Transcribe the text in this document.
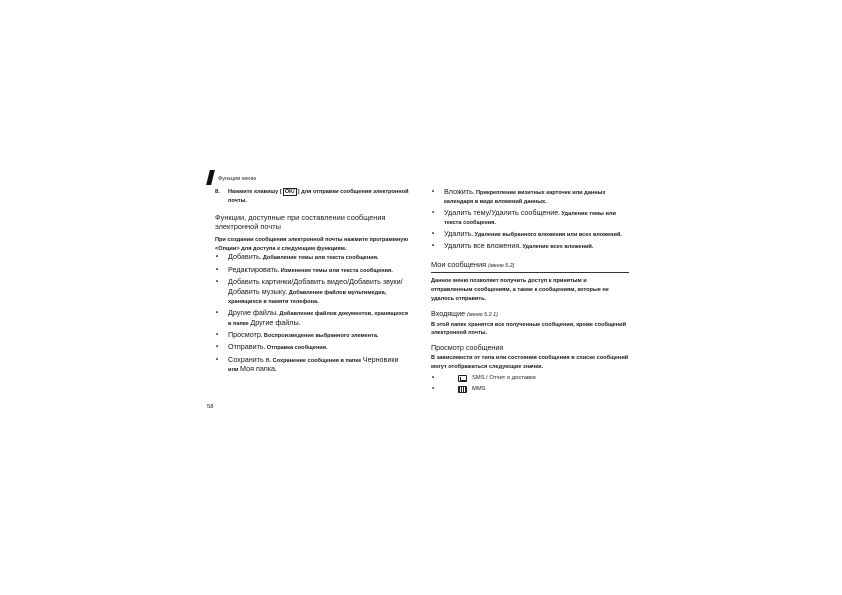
Функции меню
8. Нажмите клавишу [ OK/ ] для отправки сообщения электронной почты.
Функции, доступные при составлении сообщения электронной почты
При создании сообщения электронной почты нажмите программную <Опции> для доступа к следующим функциям.
• Добавить. Добавление темы или текста сообщения.
• Редактировать. Изменение темы или текста сообщения.
• Добавить картинки/Добавить видео/Добавить звуки/Добавить музыку. Добавление файлов мультимедиа, хранящихся в памяти телефона.
• Другие файлы. Добавление файлов документов, хранящихся в папке Другие файлы.
• Просмотр. Воспроизведение выбранного элемента.
• Отправить. Отправка сообщения.
• Сохранить в. Сохранение сообщения в папке Черновики или Моя папка.
• Вложить. Прикрепление визитных карточек или данных календаря в виде вложений данных.
• Удалить тему/Удалить сообщение. Удаление темы или текста сообщения.
• Удалить. Удаление выбранного вложения или всех вложений.
• Удалить все вложения. Удаление всех вложений.
Мои сообщения (меню 5.2)
Данное меню позволяет получить доступ к принятым и отправленным сообщениям, а также к сообщениям, которые не удалось отправить.
Входящие (меню 5.2.1)
В этой папке хранятся все полученные сообщения, кроме сообщений электронной почты.
Просмотр сообщения
В зависимости от типа или состояния сообщения в списке сообщений могут отображаться следующие значки.
•	SMS / Отчет о доставке
•	MMS
58
